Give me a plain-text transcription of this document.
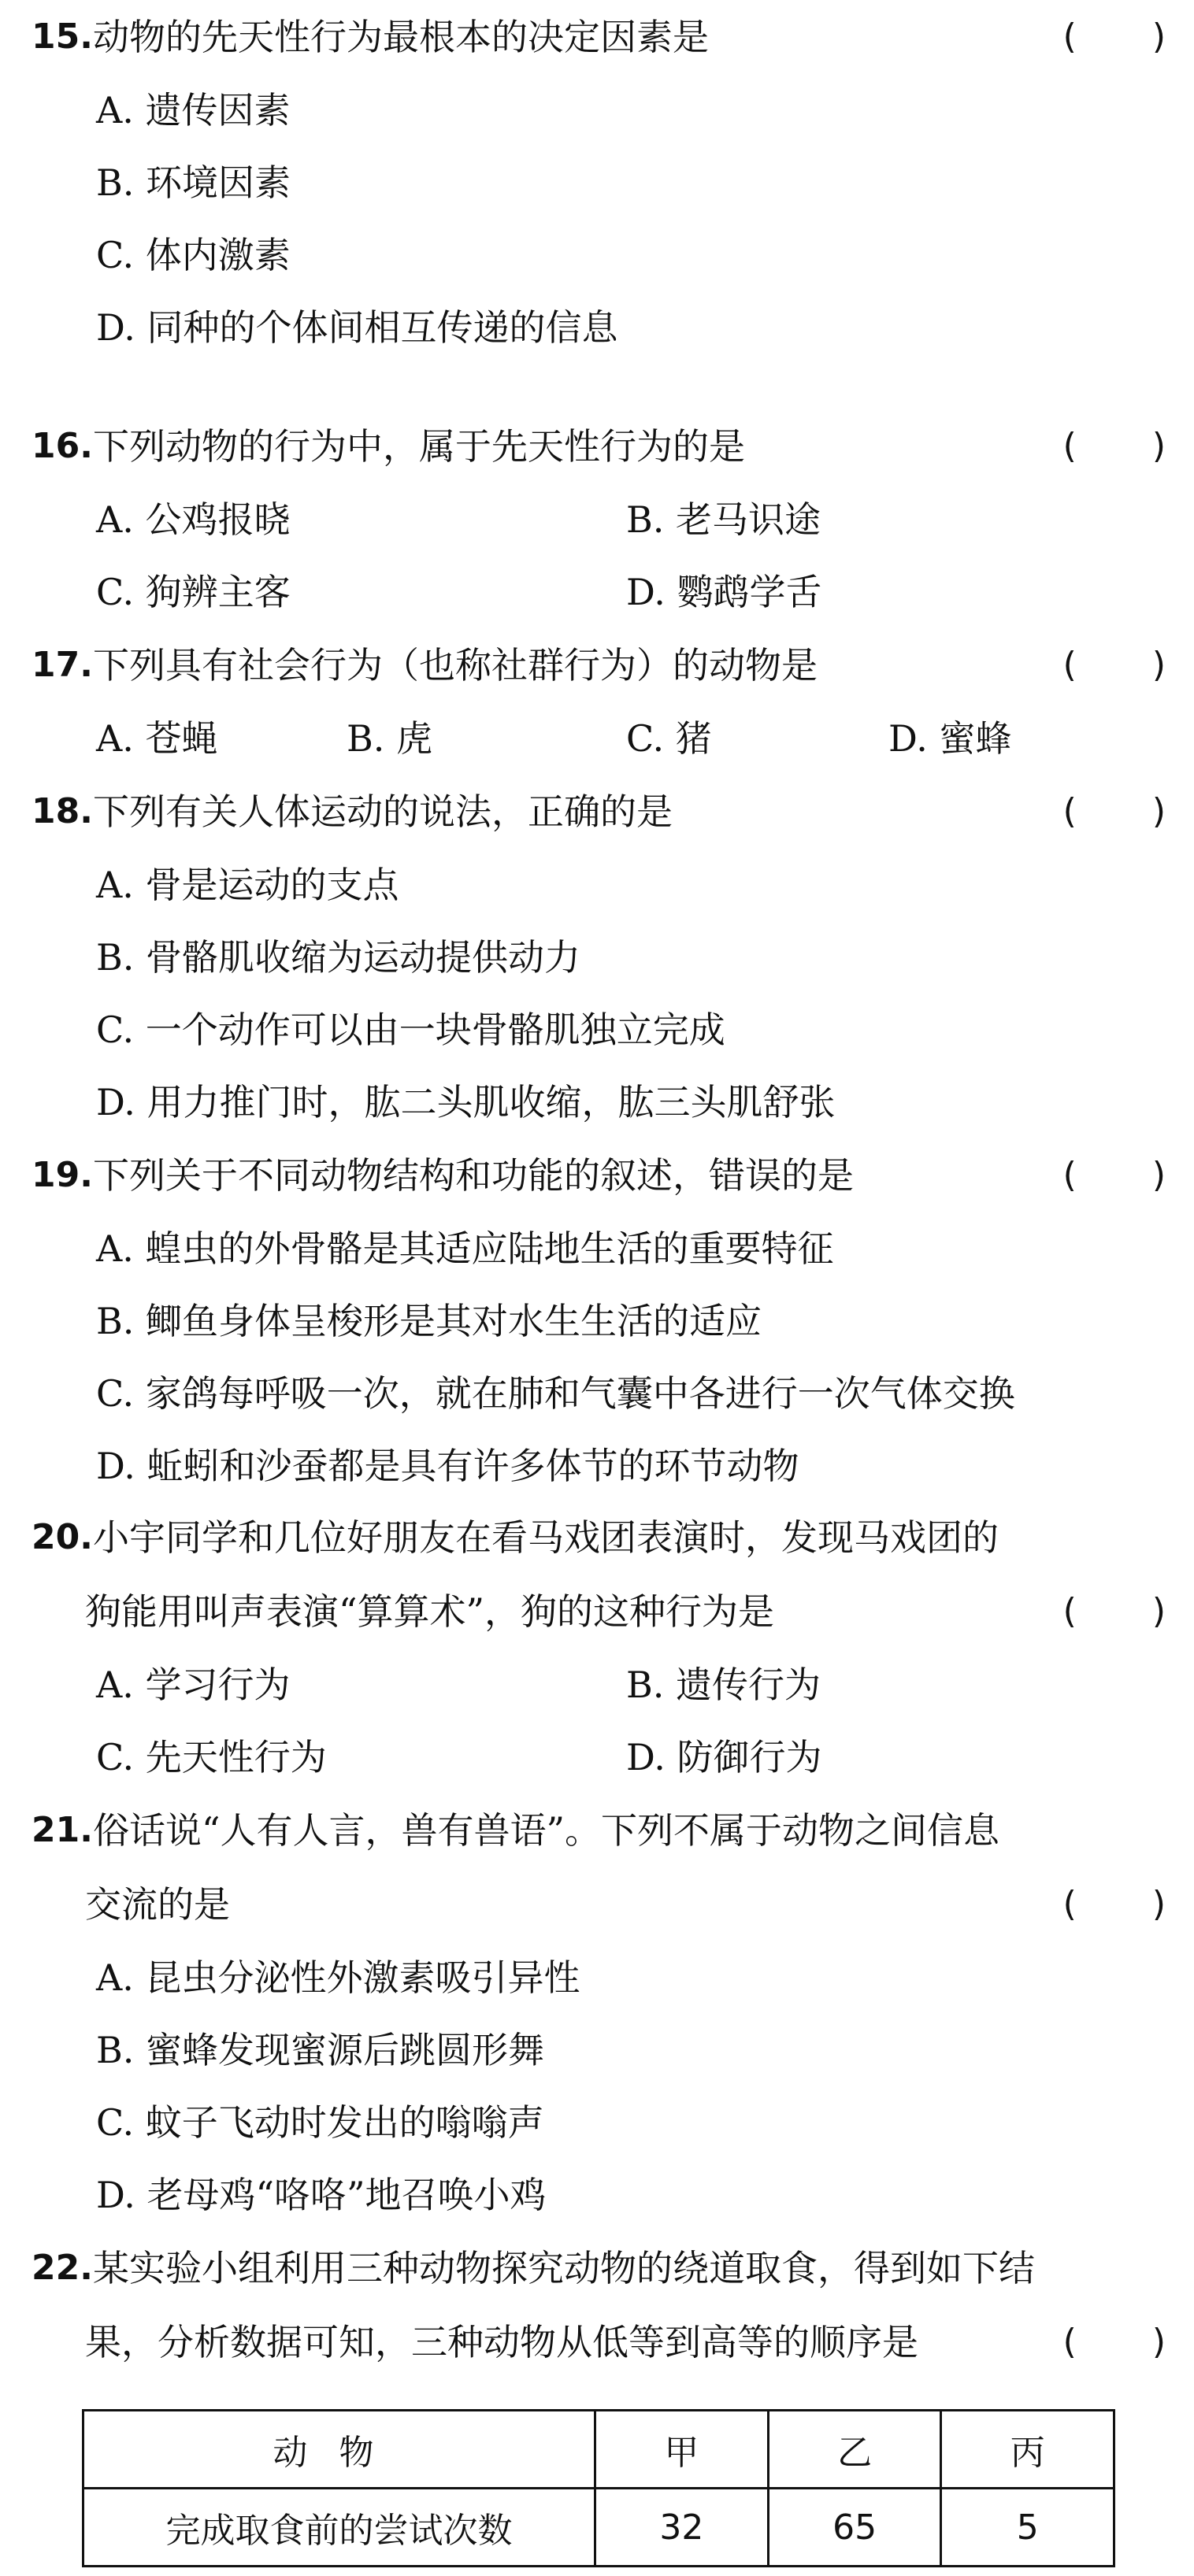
15. 动物的先天性行为最根本的决定因素是	( )
A. 遗传因素
B. 环境因素
C. 体内激素
D. 同种的个体间相互传递的信息
16. 下列动物的行为中，属于先天性行为的是	( )
A. 公鸡报晓	B. 老马识途
C. 狗辨主客	D. 鹦鹉学舌
17. 下列具有社会行为（也称社群行为）的动物是	( )
A. 苍蝇	B. 虎	C. 猪	D. 蜜蜂
18. 下列有关人体运动的说法，正确的是	( )
A. 骨是运动的支点
B. 骨骼肌收缩为运动提供动力
C. 一个动作可以由一块骨骼肌独立完成
D. 用力推门时，肱二头肌收缩，肱三头肌舒张
19. 下列关于不同动物结构和功能的叙述，错误的是	( )
A. 蝗虫的外骨骼是其适应陆地生活的重要特征
B. 鲫鱼身体呈梭形是其对水生生活的适应
C. 家鸽每呼吸一次，就在肺和气囊中各进行一次气体交换
D. 蚯蚓和沙蚕都是具有许多体节的环节动物
20. 小宇同学和几位好朋友在看马戏团表演时，发现马戏团的
狗能用叫声表演“算算术”，狗的这种行为是	( )
A. 学习行为	B. 遗传行为
C. 先天性行为	D. 防御行为
21. 俗话说“人有人言，兽有兽语”。下列不属于动物之间信息
交流的是	( )
A. 昆虫分泌性外激素吸引异性
B. 蜜蜂发现蜜源后跳圆形舞
C. 蚊子飞动时发出的嗡嗡声
D. 老母鸡“咯咯”地召唤小鸡
22. 某实验小组利用三种动物探究动物的绕道取食，得到如下结
果，分析数据可知，三种动物从低等到高等的顺序是	( )
动物	甲	乙	丙
完成取食前的尝试次数	32	65	5
